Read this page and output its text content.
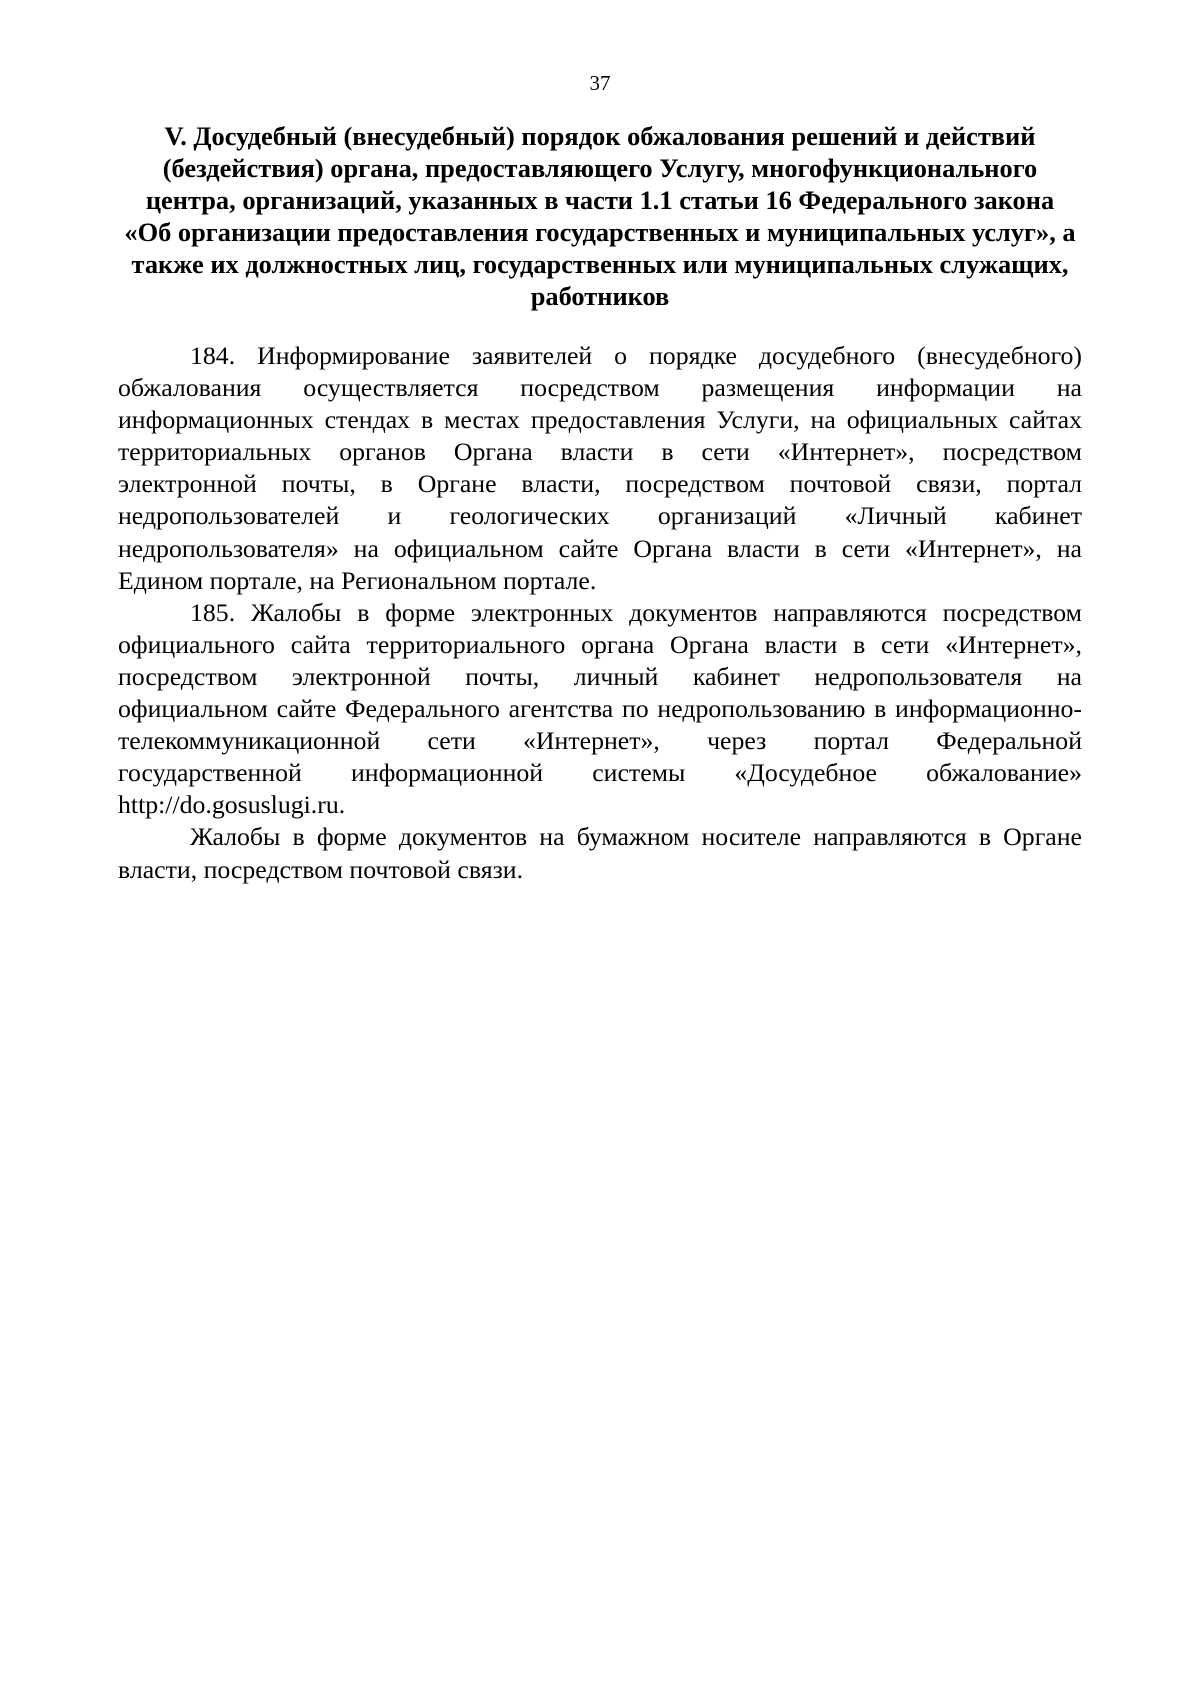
37
V. Досудебный (внесудебный) порядок обжалования решений и действий
(бездействия) органа, предоставляющего Услугу, многофункционального
центра, организаций, указанных в части 1.1 статьи 16 Федерального закона
«Об организации предоставления государственных и муниципальных услуг», а
также их должностных лиц, государственных или муниципальных служащих,
работников
184. Информирование заявителей о порядке досудебного (внесудебного)
обжалования осуществляется посредством размещения информации на
информационных стендах в местах предоставления Услуги, на официальных сайтах
территориальных органов Органа власти в сети «Интернет», посредством
электронной почты, в Органе власти, посредством почтовой связи, портал
недропользователей и геологических организаций «Личный кабинет
недропользователя» на официальном сайте Органа власти в сети «Интернет», на
Едином портале, на Региональном портале.
185. Жалобы в форме электронных документов направляются посредством
официального сайта территориального органа Органа власти в сети «Интернет»,
посредством электронной почты, личный кабинет недропользователя на
официальном сайте Федерального агентства по недропользованию в информационно-
телекоммуникационной сети «Интернет», через портал Федеральной
государственной информационной системы «Досудебное обжалование»
http://do.gosuslugi.ru.
Жалобы в форме документов на бумажном носителе направляются в Органе
власти, посредством почтовой связи.
